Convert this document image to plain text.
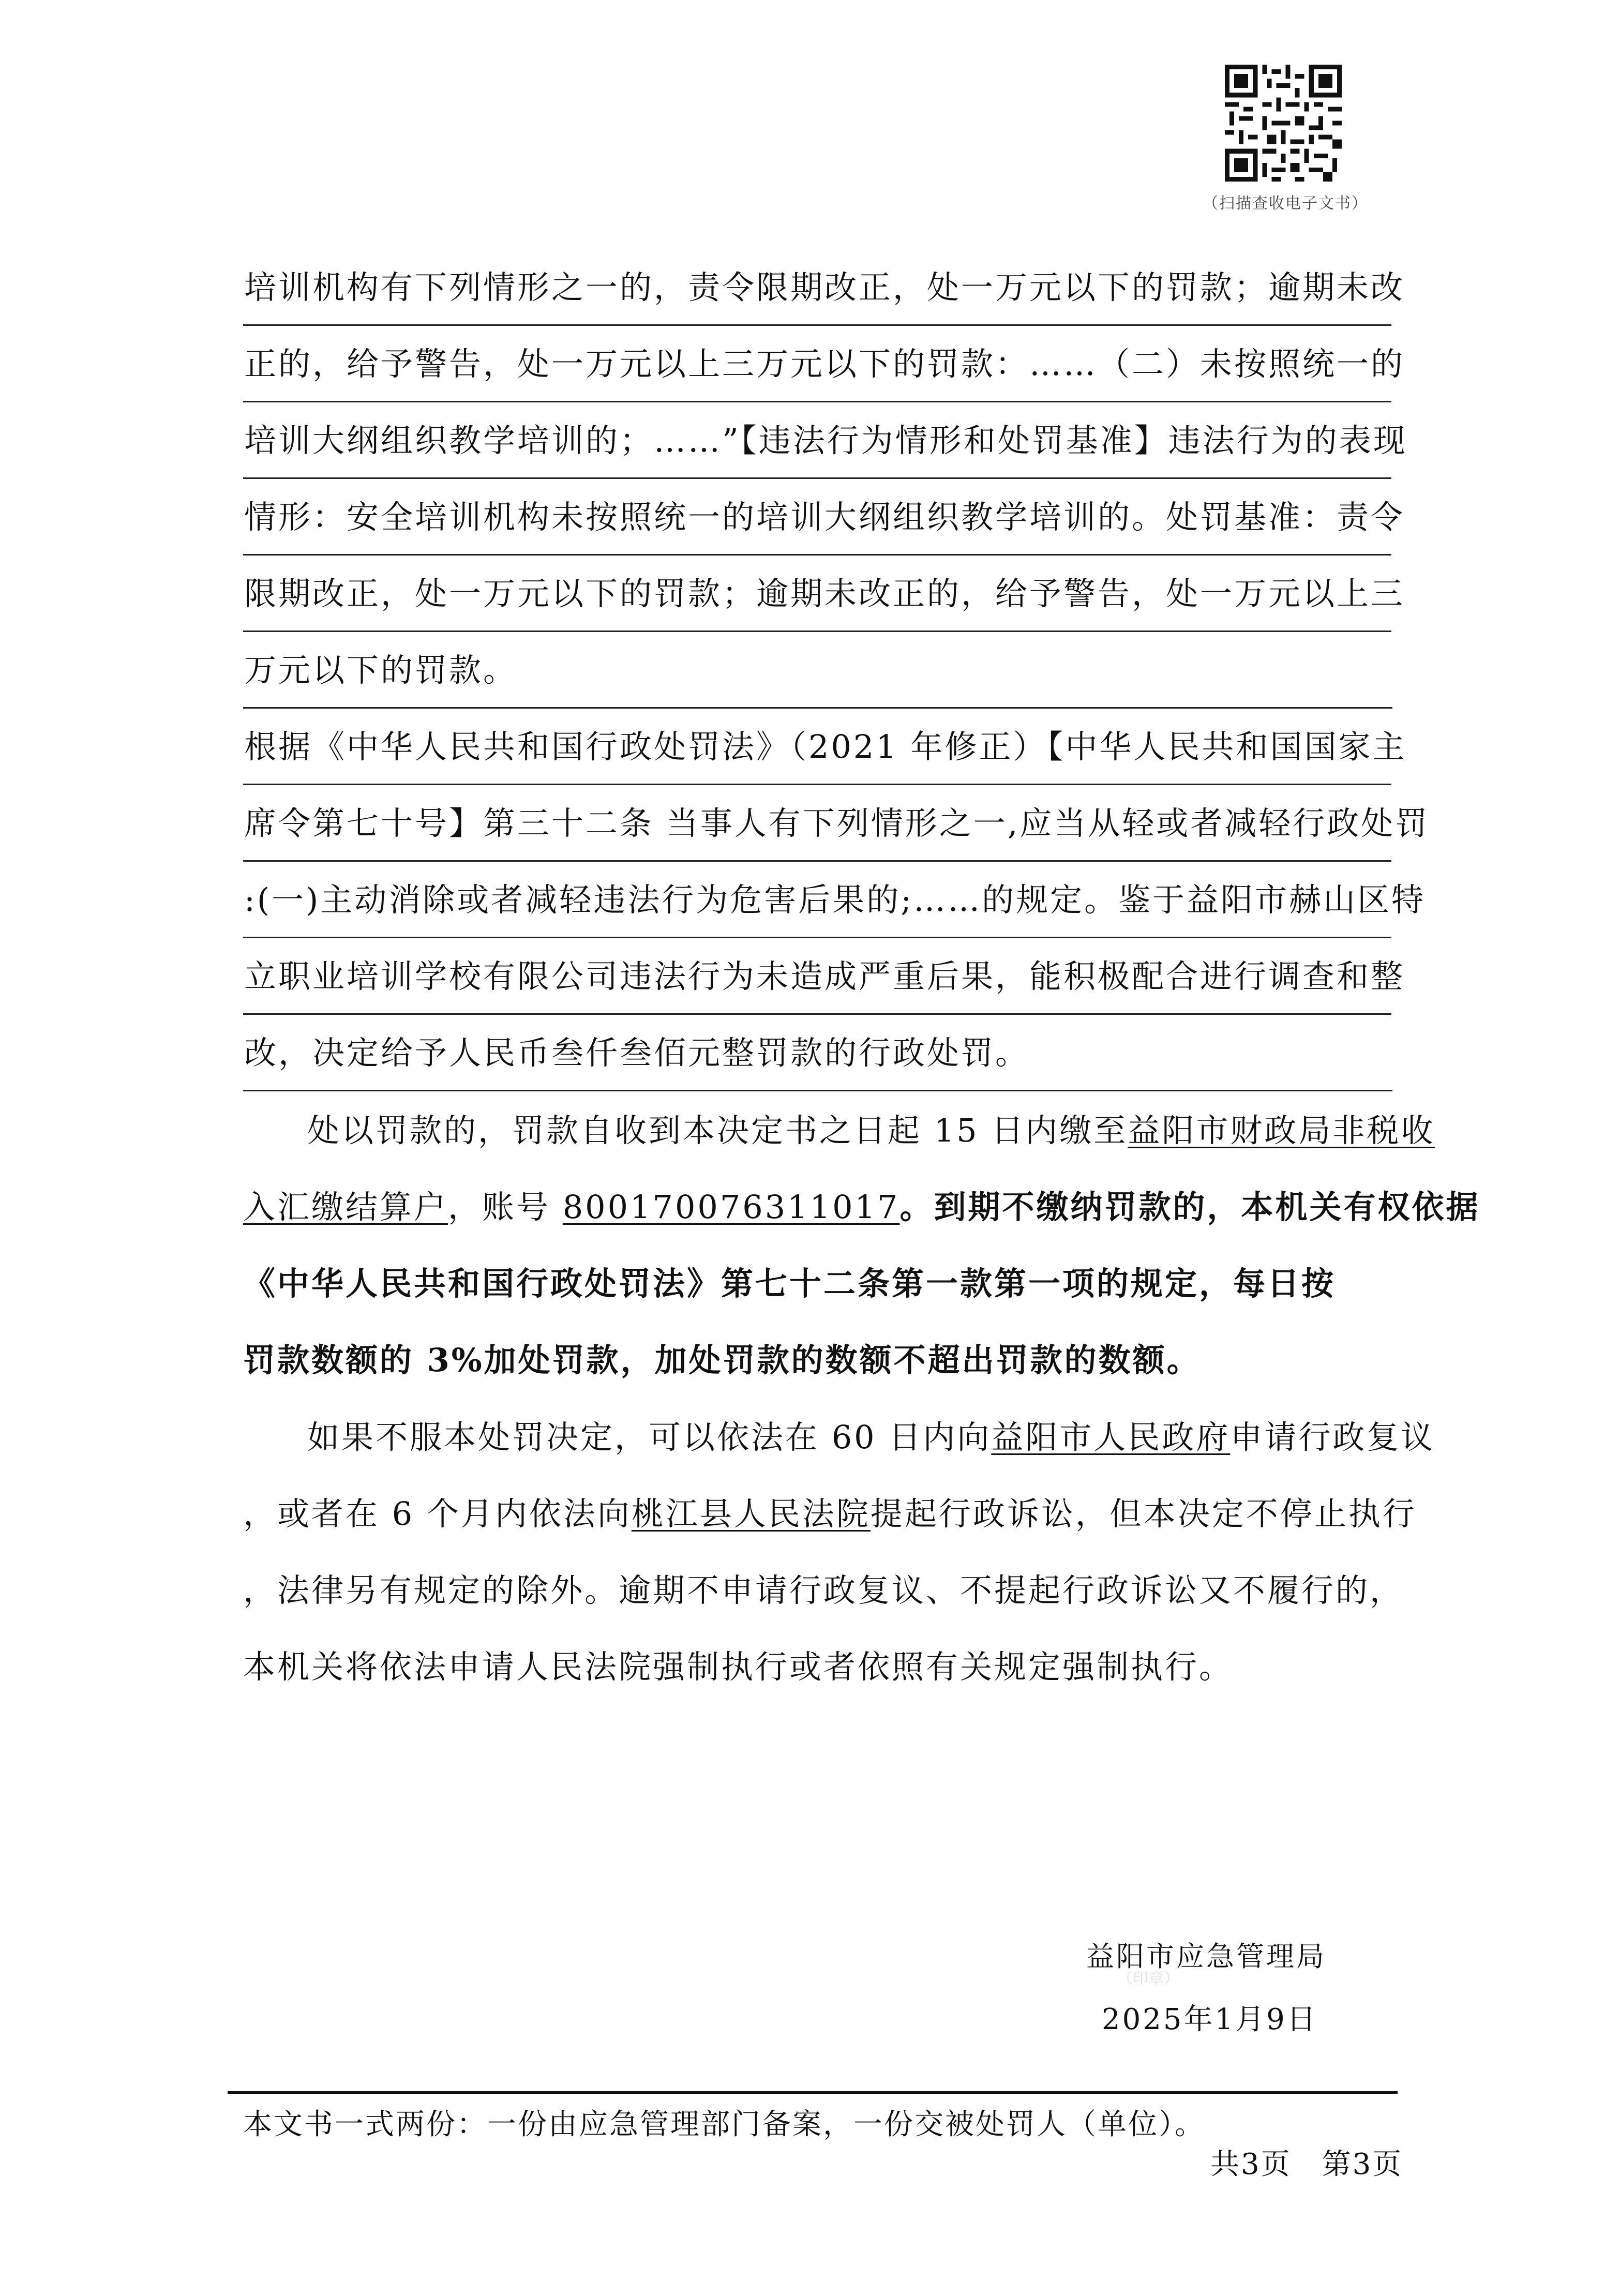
（扫描查收电子文书）
培训机构有下列情形之一的，责令限期改正，处一万元以下的罚款；逾期未改
正的，给予警告，处一万元以上三万元以下的罚款：……（二）未按照统一的
培训大纲组织教学培训的；……”【违法行为情形和处罚基准】违法行为的表现
情形：安全培训机构未按照统一的培训大纲组织教学培训的。处罚基准：责令
限期改正，处一万元以下的罚款；逾期未改正的，给予警告，处一万元以上三
万元以下的罚款。
根据《中华人民共和国行政处罚法》（2021 年修正）【中华人民共和国国家主
席令第七十号】第三十二条 当事人有下列情形之一,应当从轻或者减轻行政处罚
:(一)主动消除或者减轻违法行为危害后果的;……的规定。鉴于益阳市赫山区特
立职业培训学校有限公司违法行为未造成严重后果，能积极配合进行调查和整
改，决定给予人民币叁仟叁佰元整罚款的行政处罚。
处以罚款的，罚款自收到本决定书之日起 15 日内缴至益阳市财政局非税收
入汇缴结算户，账号 800170076311017。到期不缴纳罚款的，本机关有权依据
《中华人民共和国行政处罚法》第七十二条第一款第一项的规定，每日按
罚款数额的 3%加处罚款，加处罚款的数额不超出罚款的数额。
如果不服本处罚决定，可以依法在 60 日内向益阳市人民政府申请行政复议
，或者在 6 个月内依法向桃江县人民法院提起行政诉讼，但本决定不停止执行
，法律另有规定的除外。逾期不申请行政复议、不提起行政诉讼又不履行的，
本机关将依法申请人民法院强制执行或者依照有关规定强制执行。
益阳市应急管理局
（印章）
2025年1月9日
本文书一式两份：一份由应急管理部门备案，一份交被处罚人（单位）。
共3页　第3页
